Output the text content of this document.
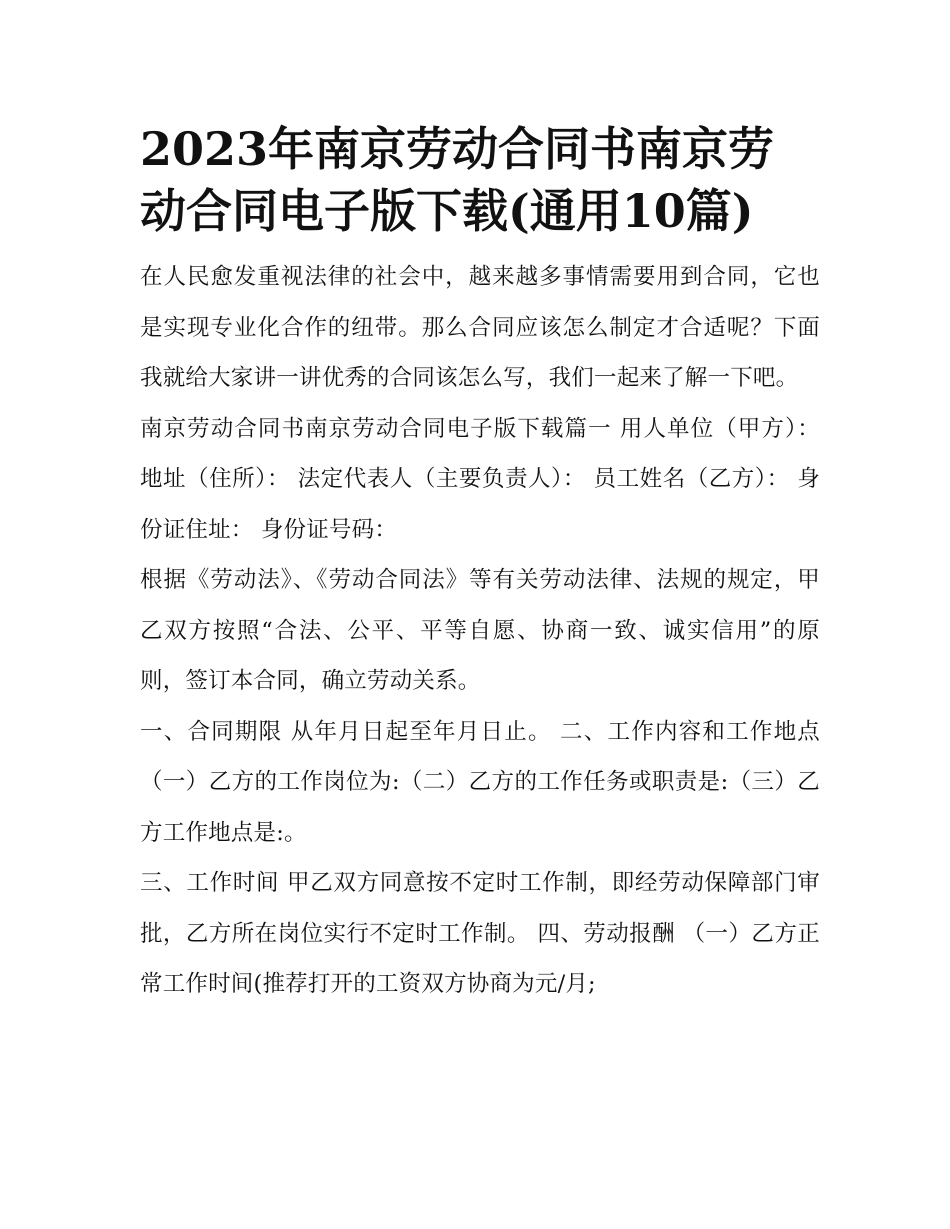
2023年南京劳动合同书南京劳动合同电子版下载(通用10篇)

在人民愈发重视法律的社会中，越来越多事情需要用到合同，它也是实现专业化合作的纽带。那么合同应该怎么制定才合适呢？下面我就给大家讲一讲优秀的合同该怎么写，我们一起来了解一下吧。

南京劳动合同书南京劳动合同电子版下载篇一 用人单位（甲方）： 地址（住所）： 法定代表人（主要负责人）： 员工姓名（乙方）： 身份证住址： 身份证号码：

根据《劳动法》、《劳动合同法》等有关劳动法律、法规的规定，甲乙双方按照“合法、公平、平等自愿、协商一致、诚实信用”的原则，签订本合同，确立劳动关系。

一、合同期限 从年月日起至年月日止。 二、工作内容和工作地点 （一）乙方的工作岗位为:（二）乙方的工作任务或职责是:（三）乙方工作地点是:。

三、工作时间 甲乙双方同意按不定时工作制，即经劳动保障部门审批，乙方所在岗位实行不定时工作制。 四、劳动报酬 （一）乙方正常工作时间(推荐打开的工资双方协商为元/月;
